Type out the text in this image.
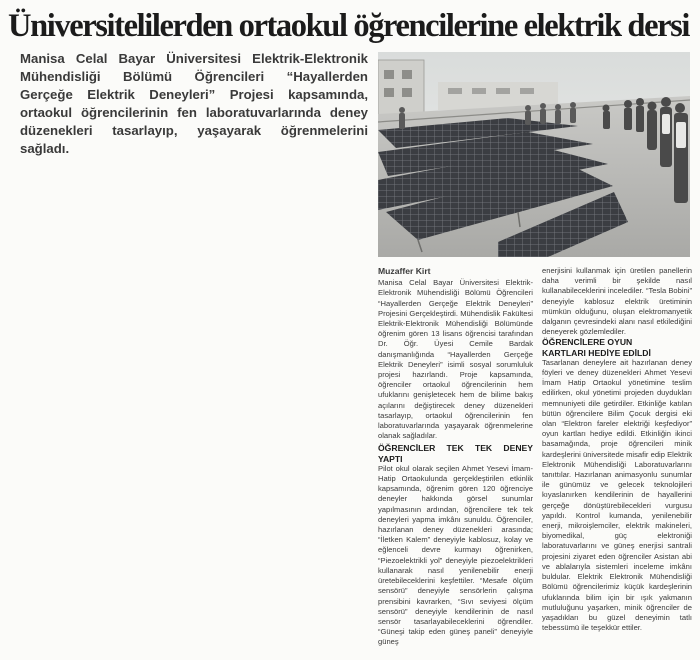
Üniversitelilerden ortaokul öğrencilerine elektrik dersi
Manisa Celal Bayar Üniversitesi Elektrik-Elektronik Mühendisliği Bölümü Öğrencileri “Hayallerden Gerçeğe Elektrik Deneyleri” Projesi kapsamında, ortaokul öğrencilerinin fen laboratuvarlarında deney düzenekleri tasarlayıp, yaşayarak öğrenmelerini sağladı.

Muzaffer Kirt

Manisa Celal Bayar Üniversitesi Elektrik-Elektronik Mühendisliği Bölümü Öğrencileri “Hayallerden Gerçeğe Elektrik Deneyleri” Projesini Gerçekleştirdi. Mühendislik Fakültesi Elektrik-Elektronik Mühendisliği Bölümünde öğrenim gören 13 lisans öğrencisi tarafından Dr. Öğr. Üyesi Cemile Bardak danışmanlığında “Hayallerden Gerçeğe Elektrik Deneyleri” isimli sosyal sorumluluk projesi hazırlandı. Proje kapsamında, öğrenciler ortaokul öğrencilerinin hem ufuklarını genişletecek hem de bilime bakış açılarını değiştirecek deney düzenekleri tasarlayıp, ortaokul öğrencilerinin fen laboratuvarlarında yaşayarak öğrenmelerine olanak sağladılar.

ÖĞRENCİLER TEK TEK DENEY YAPTI

Pilot okul olarak seçilen Ahmet Yesevi İmam-Hatip Ortaokulunda gerçekleştirilen etkinlik kapsamında, öğrenim gören 120 öğrenciye deneyler hakkında görsel sunumlar yapılmasının ardından, öğrencilere tek tek deneyleri yapma imkânı sunuldu. Öğrenciler, hazırlanan deney düzenekleri arasında; “İletken Kalem” deneyiyle kablosuz, kolay ve eğlenceli devre kurmayı öğrenirken, “Piezoelektrikli yol” deneyiyle piezoelektrikleri kullanarak nasıl yenilenebilir enerji üretebileceklerini keşfettiler. “Mesafe ölçüm sensörü” deneyiyle sensörlerin çalışma prensibini kavrarken, “Sıvı seviyesi ölçüm sensörü” deneyiyle kendilerinin de nasıl sensör tasarlayabileceklerini öğrendiler. “Güneşi takip eden güneş paneli” deneyiyle güneş

enerjisini kullanmak için üretilen panellerin daha verimli bir şekilde nasıl kullanabileceklerini incelediler. “Tesla Bobini” deneyiyle kablosuz elektrik üretiminin mümkün olduğunu, oluşan elektromanyetik dalganın çevresindeki alanı nasıl etkilediğini deneyerek gözlemlediler.

ÖĞRENCİLERE OYUN

KARTLARI HEDİYE EDİLDİ

Tasarlanan deneylere ait hazırlanan deney föyleri ve deney düzenekleri Ahmet Yesevi İmam Hatip Ortaokul yönetimine teslim edilirken, okul yönetimi projeden duydukları memnuniyeti dile getirdiler. Etkinliğe katılan bütün öğrencilere Bilim Çocuk dergisi eki olan “Elektron fareler elektriği keşfediyor” oyun kartları hediye edildi. Etkinliğin ikinci basamağında, proje öğrencileri minik kardeşlerini üniversitede misafir edip Elektrik Elektronik Mühendisliği Laboratuvarlarını tanıttılar. Hazırlanan animasyonlu sunumlar ile günümüz ve gelecek teknolojileri kıyaslanırken kendilerinin de hayallerini gerçeğe dönüştürebilecekleri vurgusu yapıldı. Kontrol kumanda, yenilenebilir enerji, mikroişlemciler, elektrik makineleri, biyomedikal, güç elektroniği laboratuvarlarını ve güneş enerjisi santrali projesini ziyaret eden öğrenciler Asistan abi ve ablalarıyla sistemleri inceleme imkânı buldular. Elektrik Elektronik Mühendisliği Bölümü öğrencilerimiz küçük kardeşlerinin ufuklarında bilim için bir ışık yakmanın mutluluğunu yaşarken, minik öğrenciler de yaşadıkları bu güzel deneyimin tatlı tebessümü ile teşekkür ettiler.
